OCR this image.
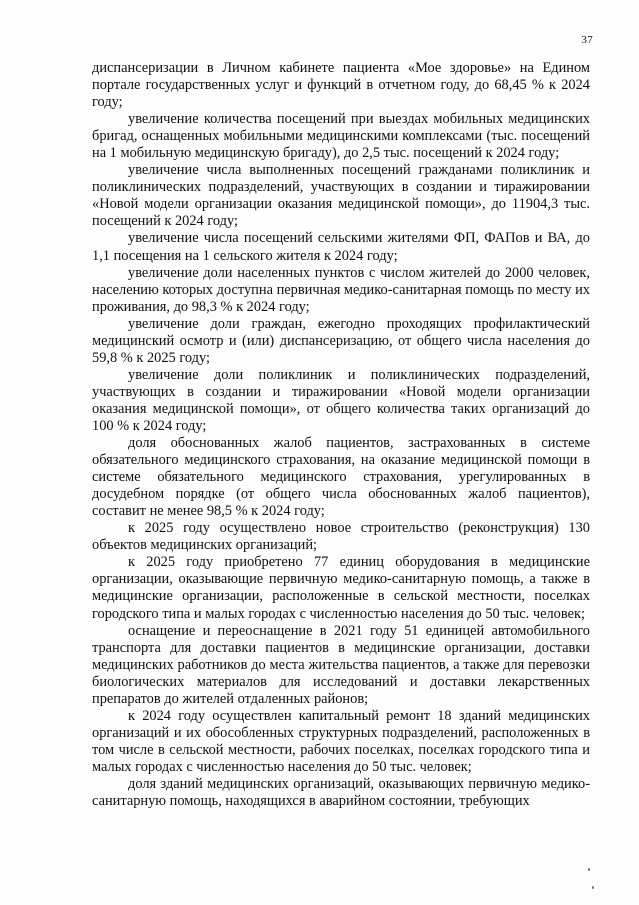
37

диспансеризации в Личном кабинете пациента «Мое здоровье» на Едином портале государственных услуг и функций в отчетном году, до 68,45 % к 2024 году;

увеличение количества посещений при выездах мобильных медицинских бригад, оснащенных мобильными медицинскими комплексами (тыс. посещений на 1 мобильную медицинскую бригаду), до 2,5 тыс. посещений к 2024 году;

увеличение числа выполненных посещений гражданами поликлиник и поликлинических подразделений, участвующих в создании и тиражировании «Новой модели организации оказания медицинской помощи», до 11904,3 тыс. посещений к 2024 году;

увеличение числа посещений сельскими жителями ФП, ФАПов и ВА, до 1,1 посещения на 1 сельского жителя к 2024 году;

увеличение доли населенных пунктов с числом жителей до 2000 человек, населению которых доступна первичная медико-санитарная помощь по месту их проживания, до 98,3 % к 2024 году;

увеличение доли граждан, ежегодно проходящих профилактический медицинский осмотр и (или) диспансеризацию, от общего числа населения до 59,8 % к 2025 году;

увеличение доли поликлиник и поликлинических подразделений, участвующих в создании и тиражировании «Новой модели организации оказания медицинской помощи», от общего количества таких организаций до 100 % к 2024 году;

доля обоснованных жалоб пациентов, застрахованных в системе обязательного медицинского страхования, на оказание медицинской помощи в системе обязательного медицинского страхования, урегулированных в досудебном порядке (от общего числа обоснованных жалоб пациентов), составит не менее 98,5 % к 2024 году;

к 2025 году осуществлено новое строительство (реконструкция) 130 объектов медицинских организаций;

к 2025 году приобретено 77 единиц оборудования в медицинские организации, оказывающие первичную медико-санитарную помощь, а также в медицинские организации, расположенные в сельской местности, поселках городского типа и малых городах с численностью населения до 50 тыс. человек;

оснащение и переоснащение в 2021 году 51 единицей автомобильного транспорта для доставки пациентов в медицинские организации, доставки медицинских работников до места жительства пациентов, а также для перевозки биологических материалов для исследований и доставки лекарственных препаратов до жителей отдаленных районов;

к 2024 году осуществлен капитальный ремонт 18 зданий медицинских организаций и их обособленных структурных подразделений, расположенных в том числе в сельской местности, рабочих поселках, поселках городского типа и малых городах с численностью населения до 50 тыс. человек;

доля зданий медицинских организаций, оказывающих первичную медико-санитарную помощь, находящихся в аварийном состоянии, требующих
